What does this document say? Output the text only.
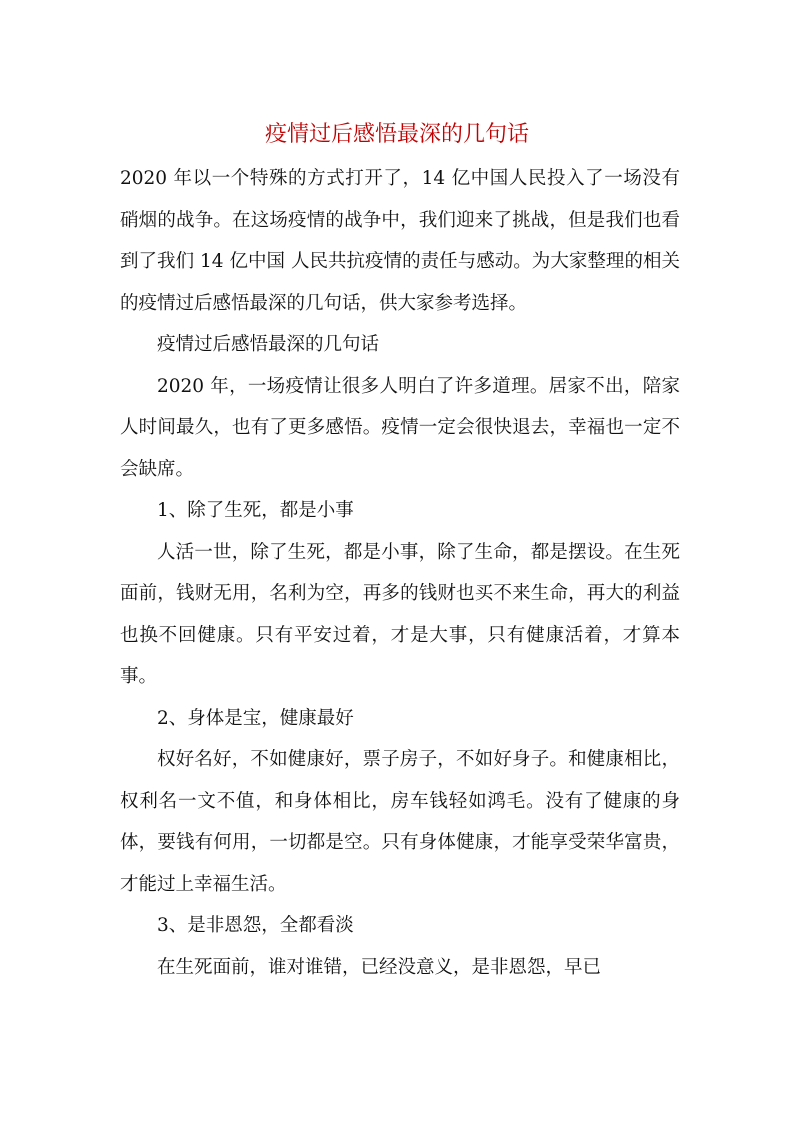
疫情过后感悟最深的几句话

2020 年以一个特殊的方式打开了，14 亿中国人民投入了一场没有硝烟的战争。在这场疫情的战争中，我们迎来了挑战，但是我们也看到了我们 14 亿中国 人民共抗疫情的责任与感动。为大家整理的相关的疫情过后感悟最深的几句话，供大家参考选择。

疫情过后感悟最深的几句话

2020 年，一场疫情让很多人明白了许多道理。居家不出，陪家人时间最久，也有了更多感悟。疫情一定会很快退去，幸福也一定不会缺席。

1、除了生死，都是小事

人活一世，除了生死，都是小事，除了生命，都是摆设。在生死面前，钱财无用，名利为空，再多的钱财也买不来生命，再大的利益也换不回健康。只有平安过着，才是大事，只有健康活着，才算本事。

2、身体是宝，健康最好

权好名好，不如健康好，票子房子，不如好身子。和健康相比，权利名一文不值，和身体相比，房车钱轻如鸿毛。没有了健康的身体，要钱有何用，一切都是空。只有身体健康，才能享受荣华富贵，才能过上幸福生活。

3、是非恩怨，全都看淡

在生死面前，谁对谁错，已经没意义，是非恩怨，早已
